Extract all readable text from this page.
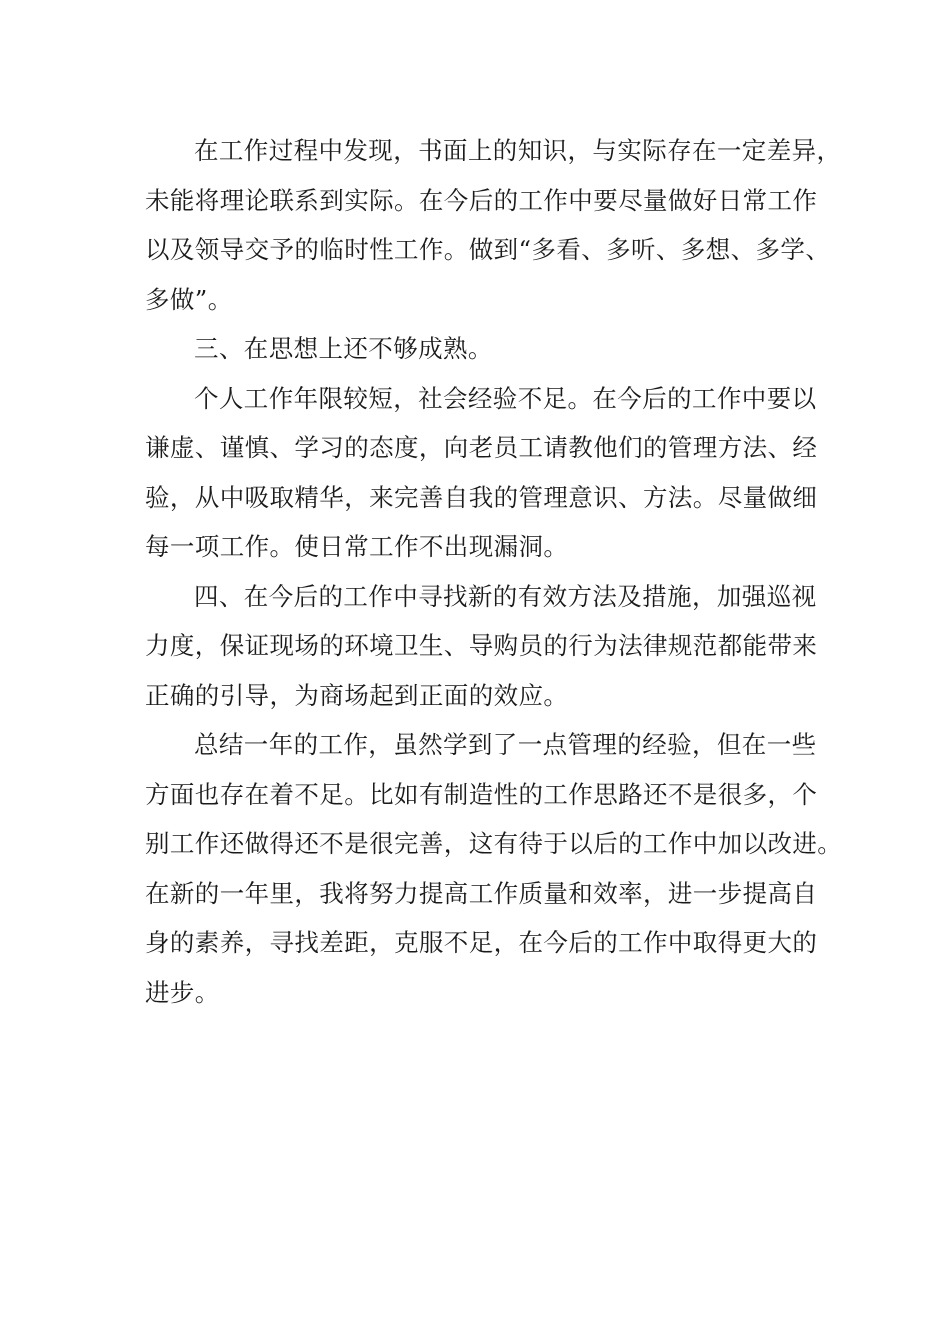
在工作过程中发现，书面上的知识，与实际存在一定差异，
未能将理论联系到实际。在今后的工作中要尽量做好日常工作
以及领导交予的临时性工作。做到“多看、多听、多想、多学、
多做”。
三、在思想上还不够成熟。
个人工作年限较短，社会经验不足。在今后的工作中要以
谦虚、谨慎、学习的态度，向老员工请教他们的管理方法、经
验，从中吸取精华，来完善自我的管理意识、方法。尽量做细
每一项工作。使日常工作不出现漏洞。
四、在今后的工作中寻找新的有效方法及措施，加强巡视
力度，保证现场的环境卫生、导购员的行为法律规范都能带来
正确的引导，为商场起到正面的效应。
总结一年的工作，虽然学到了一点管理的经验，但在一些
方面也存在着不足。比如有制造性的工作思路还不是很多，个
别工作还做得还不是很完善，这有待于以后的工作中加以改进。
在新的一年里，我将努力提高工作质量和效率，进一步提高自
身的素养，寻找差距，克服不足，在今后的工作中取得更大的
进步。
